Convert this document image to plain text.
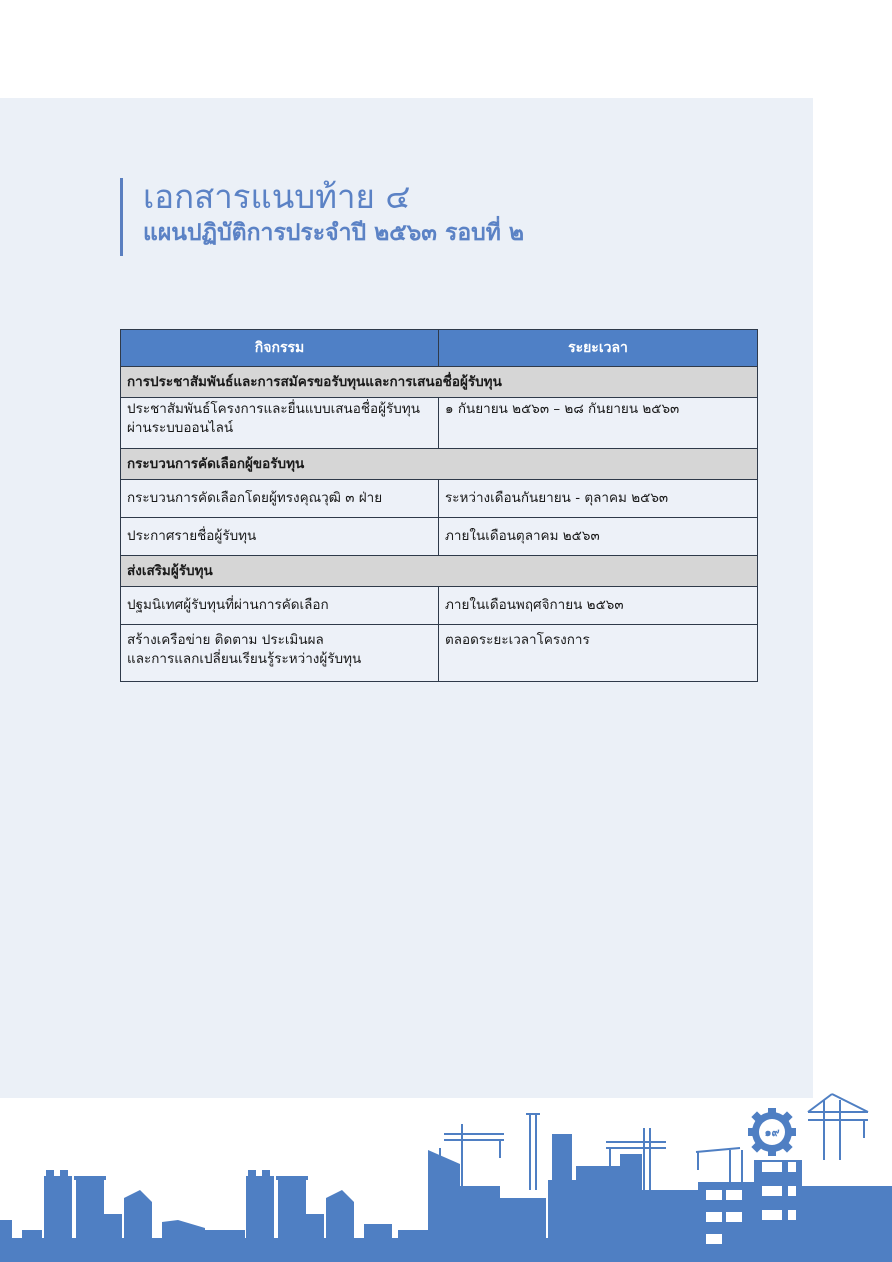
เอกสารแนบท้าย ๔

แผนปฏิบัติการประจำปี ๒๕๖๓ รอบที่ ๒

กิจกรรม	ระยะเวลา
การประชาสัมพันธ์และการสมัครขอรับทุนและการเสนอชื่อผู้รับทุน	

ประชาสัมพันธ์โครงการและยื่นแบบเสนอชื่อผู้รับทุน
ผ่านระบบออนไลน์	๑ กันยายน ๒๕๖๓ – ๒๘ กันยายน ๒๕๖๓
กระบวนการคัดเลือกผู้ขอรับทุน	
กระบวนการคัดเลือกโดยผู้ทรงคุณวุฒิ ๓ ฝ่าย	ระหว่างเดือนกันยายน - ตุลาคม ๒๕๖๓
ประกาศรายชื่อผู้รับทุน	ภายในเดือนตุลาคม ๒๕๖๓
ส่งเสริมผู้รับทุน	
ปฐมนิเทศผู้รับทุนที่ผ่านการคัดเลือก	ภายในเดือนพฤศจิกายน ๒๕๖๓

สร้างเครือข่าย ติดตาม ประเมินผล
และการแลกเปลี่ยนเรียนรู้ระหว่างผู้รับทุน	ตลอดระยะเวลาโครงการ
๑๙
